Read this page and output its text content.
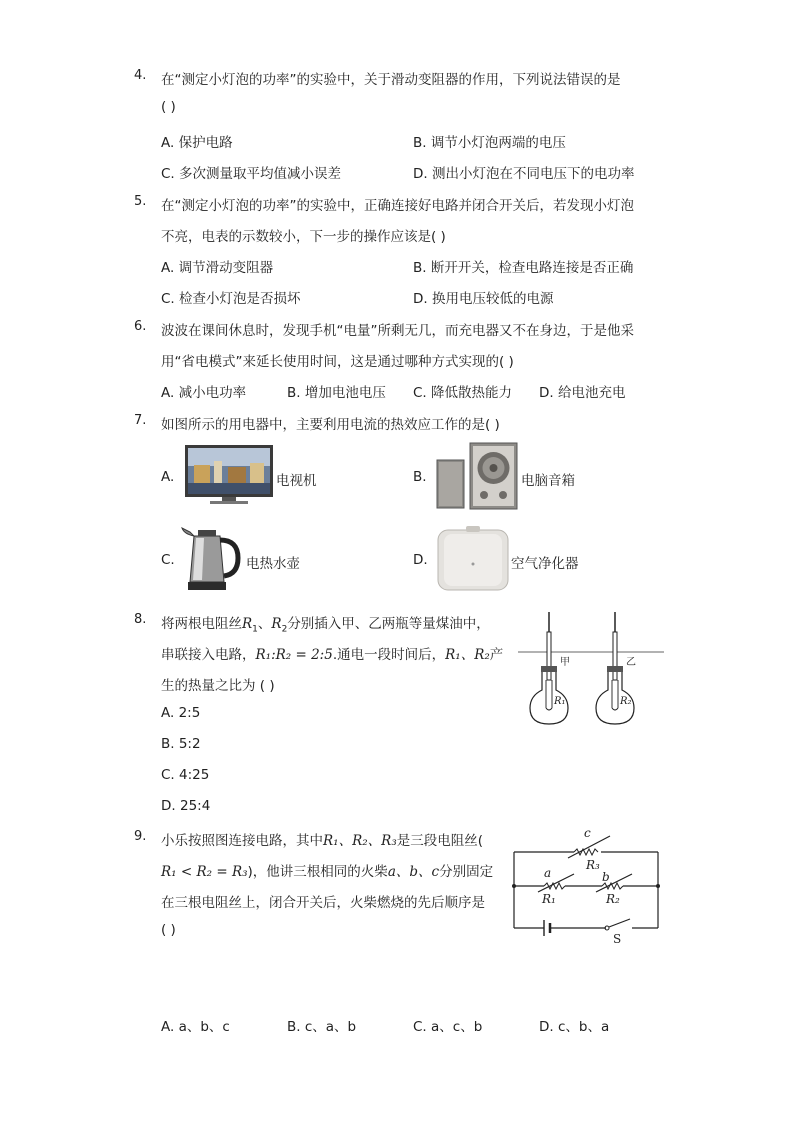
4. 在“测定小灯泡的功率”的实验中，关于滑动变阻器的作用，下列说法错误的是
( )
A. 保护电路	B. 调节小灯泡两端的电压
C. 多次测量取平均值减小误差	D. 测出小灯泡在不同电压下的电功率
5. 在“测定小灯泡的功率”的实验中，正确连接好电路并闭合开关后，若发现小灯泡
不亮，电表的示数较小，下一步的操作应该是( )
A. 调节滑动变阻器	B. 断开开关，检查电路连接是否正确
C. 检查小灯泡是否损坏	D. 换用电压较低的电源
6. 波波在课间休息时，发现手机“电量”所剩无几，而充电器又不在身边，于是他采
用“省电模式”来延长使用时间，这是通过哪种方式实现的( )
A. 减小电功率	B. 增加电池电压 C. 降低散热能力 D. 给电池充电
7. 如图所示的用电器中，主要利用电流的热效应工作的是( )
A.	电视机	B.	电脑音箱
C.	电热水壶	D.	空气净化器
8. 将两根电阻丝$R_1$、$R_2$分别插入甲、乙两瓶等量煤油中，
串联接入电路，R₁:R₂ = 2:5.通电一段时间后，R₁、R₂产
生的热量之比为 ( )
A. 2:5
B. 5:2
C. 4:25
D. 25:4
甲	乙
R₁	R₂
9. 小乐按照图连接电路，其中R₁、R₂、R₃是三段电阻丝(
R₁ < R₂ = R₃)，他讲三根相同的火柴a、b、c分别固定
在三根电阻丝上，闭合开关后，火柴燃烧的先后顺序是
( )
c
R₃
a	b
R₁	R₂
S
A. a、b、c	B. c、a、b	C. a、c、b	D. c、b、a
